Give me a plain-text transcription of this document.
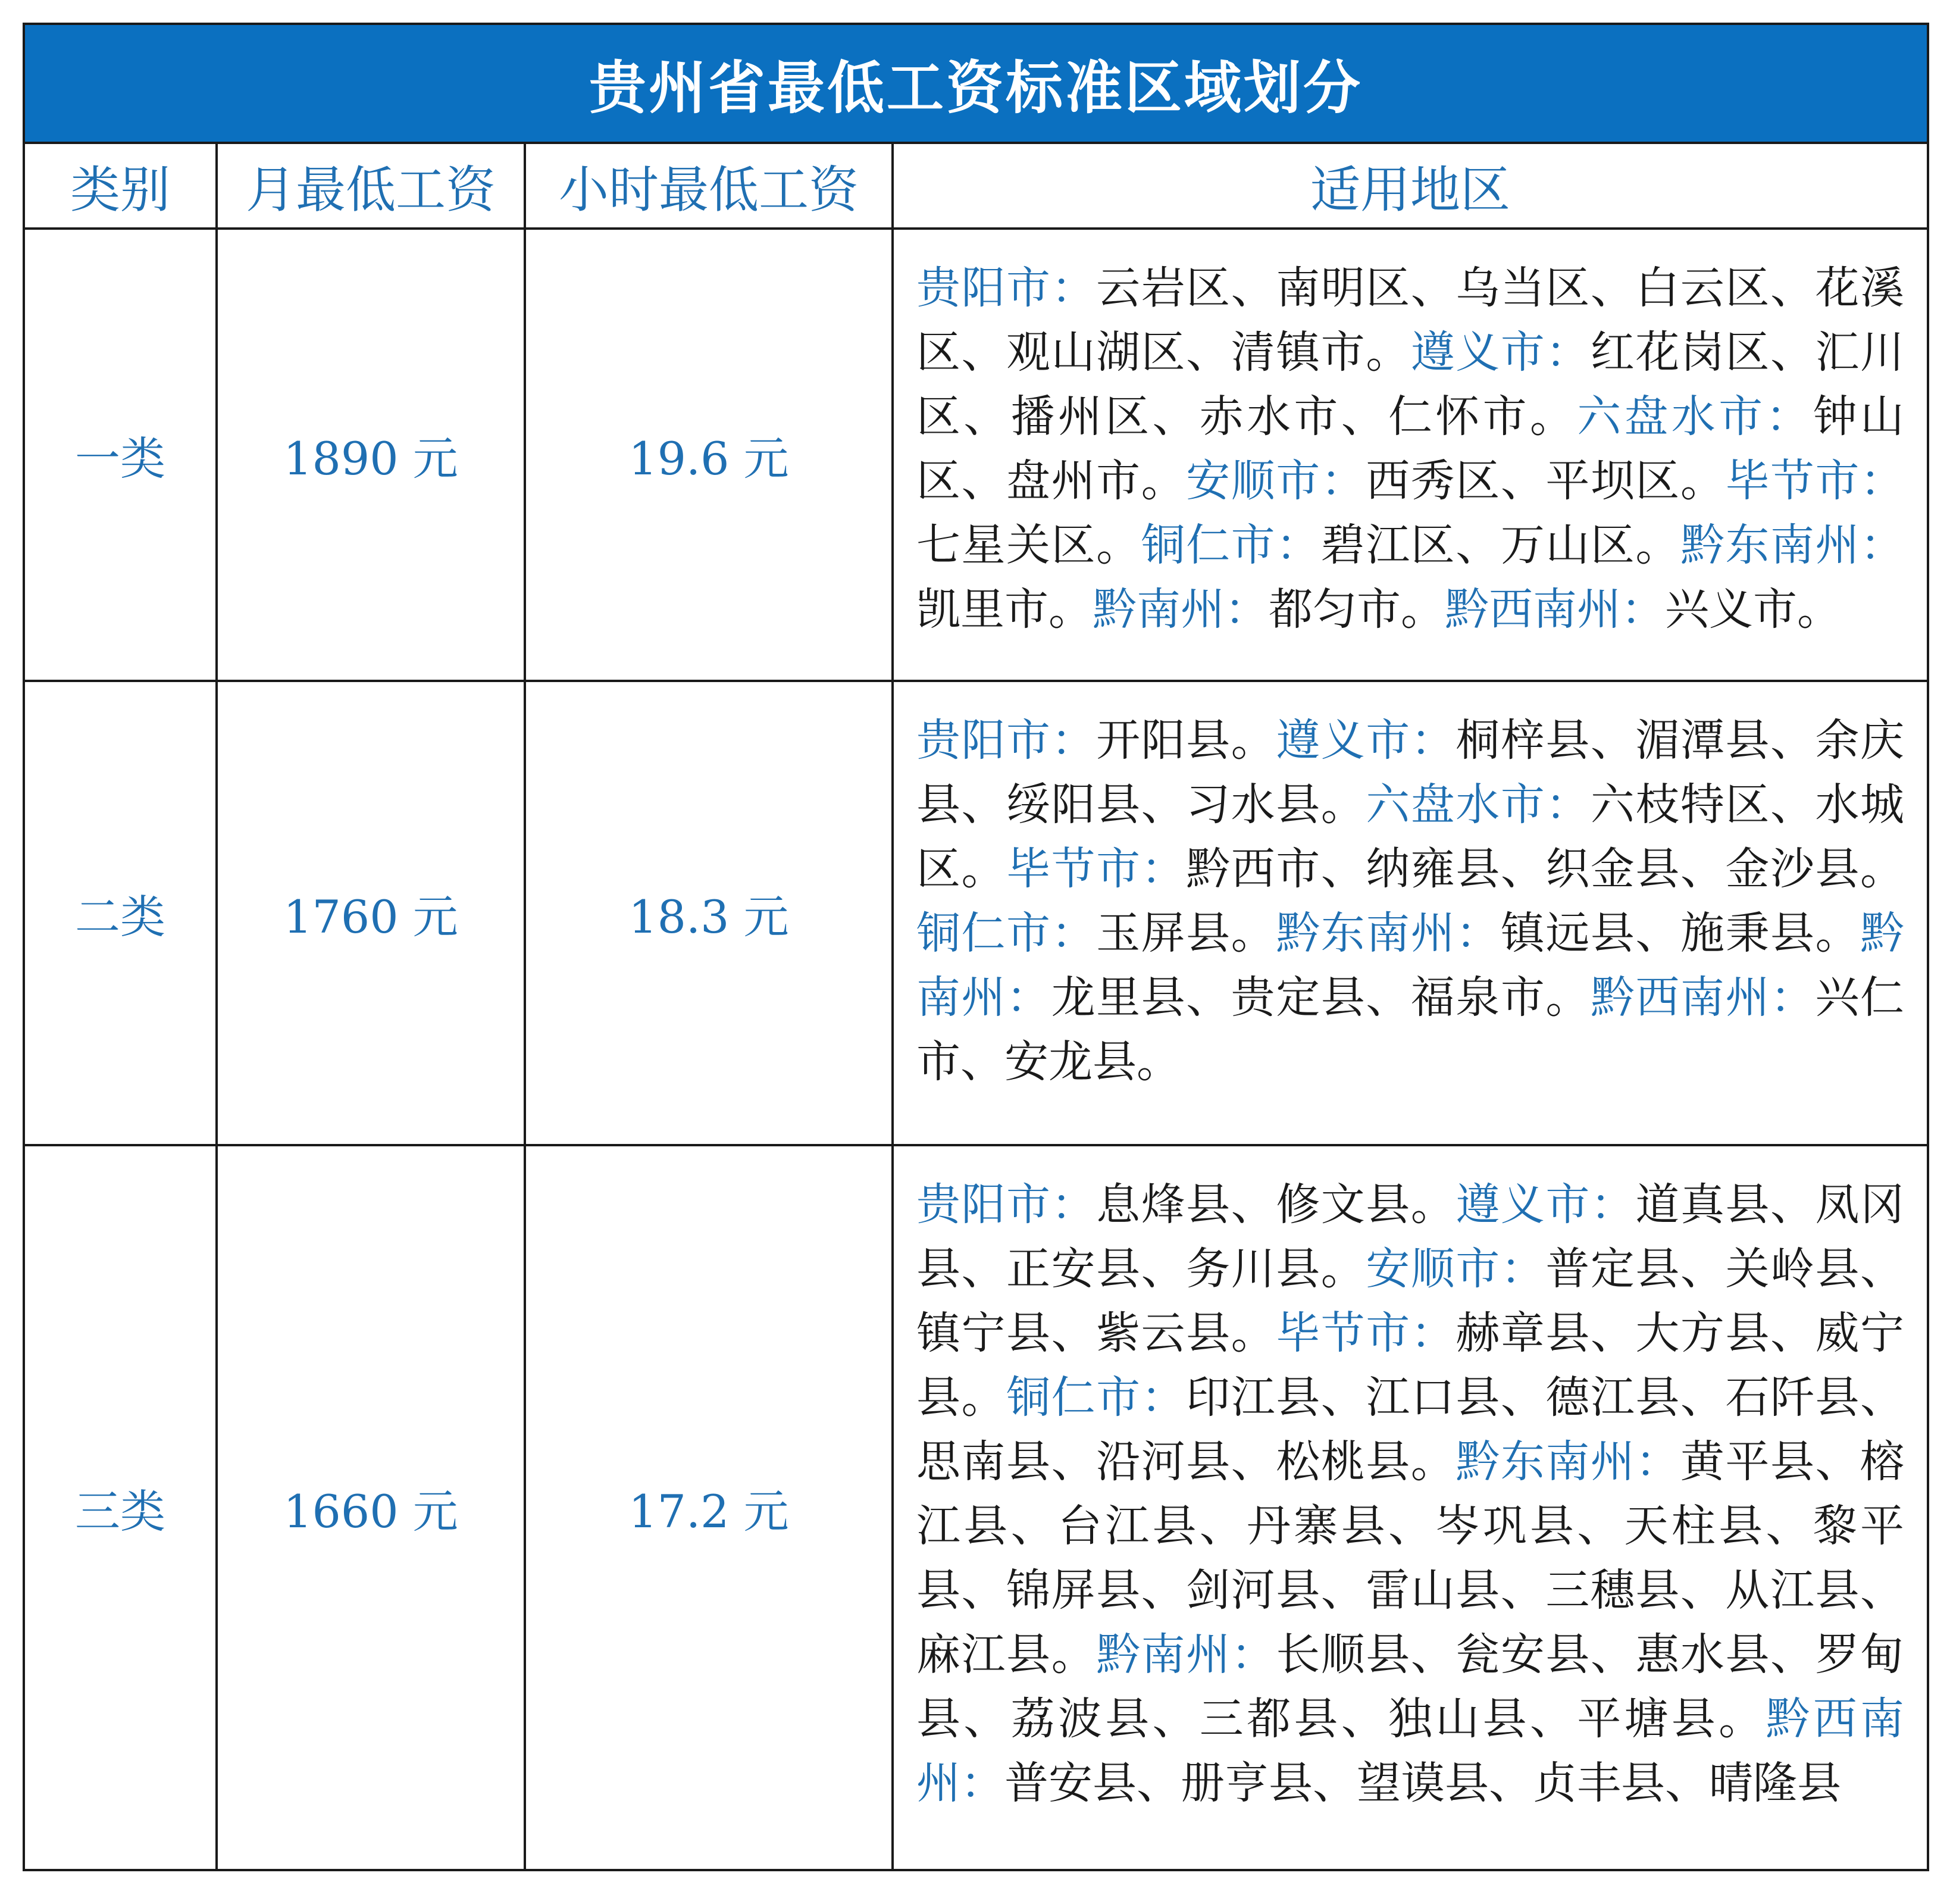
贵州省最低工资标准区域划分			
类别	月最低工资	小时最低工资	适用地区
一类	1890 元	19.6 元	贵阳市：云岩区、南明区、乌当区、白云区、花溪区、观山湖区、清镇市。遵义市：红花岗区、汇川区、播州区、赤水市、仁怀市。六盘水市：钟山区、盘州市。安顺市：西秀区、平坝区。毕节市：七星关区。铜仁市：碧江区、万山区。黔东南州：凯里市。黔南州：都匀市。黔西南州：兴义市。
二类	1760 元	18.3 元	贵阳市：开阳县。遵义市：桐梓县、湄潭县、余庆县、绥阳县、习水县。六盘水市：六枝特区、水城区。毕节市：黔西市、纳雍县、织金县、金沙县。铜仁市：玉屏县。黔东南州：镇远县、施秉县。黔南州：龙里县、贵定县、福泉市。黔西南州：兴仁市、安龙县。
三类	1660 元	17.2 元	贵阳市：息烽县、修文县。遵义市：道真县、凤冈县、正安县、务川县。安顺市：普定县、关岭县、镇宁县、紫云县。毕节市：赫章县、大方县、威宁县。铜仁市：印江县、江口县、德江县、石阡县、思南县、沿河县、松桃县。黔东南州：黄平县、榕江县、台江县、丹寨县、岑巩县、天柱县、黎平县、锦屏县、剑河县、雷山县、三穗县、从江县、麻江县。黔南州：长顺县、瓮安县、惠水县、罗甸县、荔波县、三都县、独山县、平塘县。黔西南州：普安县、册亨县、望谟县、贞丰县、晴隆县
